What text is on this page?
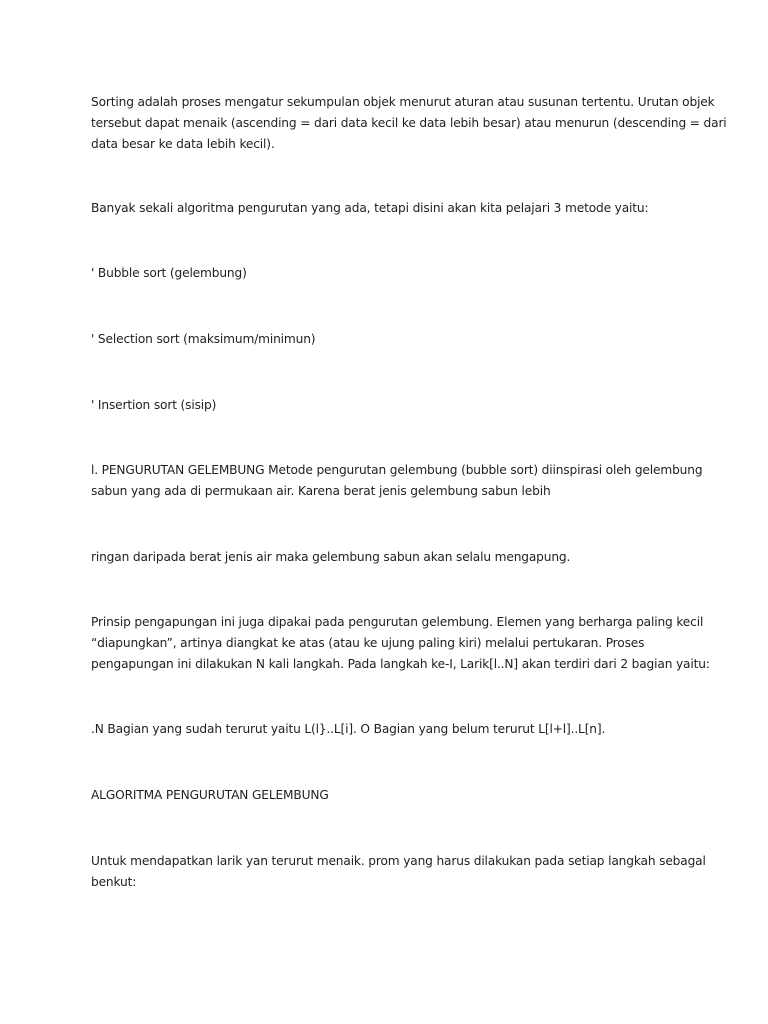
Sorti̇ng adalah proses mengatur sekumpulan objek menurut aturan atau susunan tertentu. Urutan objek
tersebut dapat menaik (ascending = dari data kecil ke data lebih besar) atau menurun (descending = dari
data besar ke data lebih kecil).

Banyak sekali algoritma pengurutan yang ada, tetapi disini akan kita pelajari 3 metode yaitu:

' Bubble sort (gelembung)

' Selecti̇on sort (maksimum/minimun)

' Inserti̇on sort (sisip)

l. PENGURUTAN GELEMBUNG Metode pengurutan gelembung (bubble sort) diinspirasi oleh gelembung
sabun yang ada di permukaan air. Karena berat jenis gelembung sabun lebih

ringan daripada berat jenis air maka gelembung sabun akan selalu mengapung.

Prinsip pengapungan ini juga dipakai pada pengurutan gelembung. Elemen yang berharga paling kecil
“diapungkan”, arti̇nya diangkat ke atas (atau ke ujung paling kiri) melalui pertukaran. Proses
pengapungan ini dilakukan N kali langkah. Pada langkah ke-I, Larik[l..N] akan terdiri dari 2 bagian yaitu:

.N Bagian yang sudah terurut yaitu L(l}..L[i]. O Bagian yang belum terurut L[l+l]..L[n].

ALGORITMA PENGURUTAN GELEMBUNG

Untuk mendapatkan larik yan terurut menaik. prom yang harus dilakukan pada seti̇ap langkah sebagal
benkut:
